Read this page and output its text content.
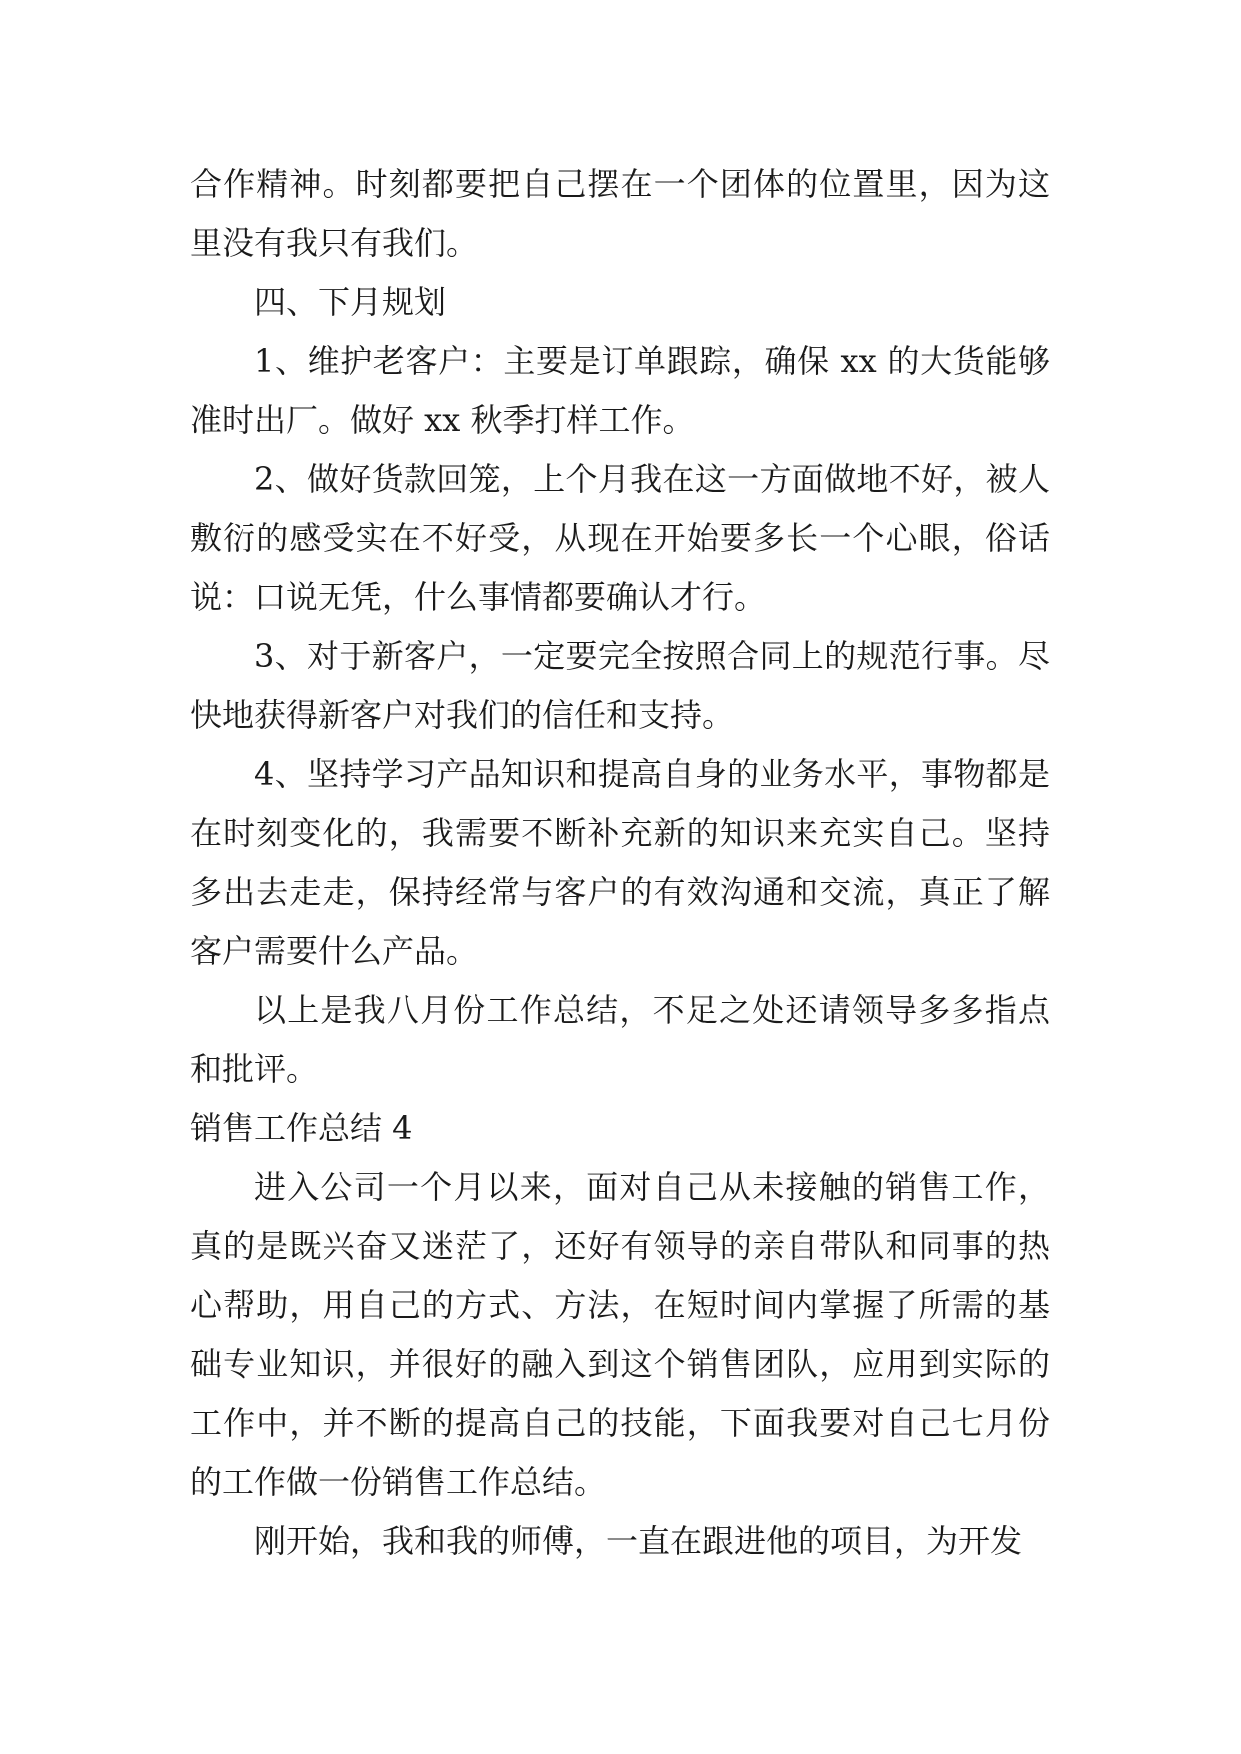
合作精神。时刻都要把自己摆在一个团体的位置里，因为这里没有我只有我们。

四、下月规划

1、维护老客户：主要是订单跟踪，确保 xx 的大货能够准时出厂。做好 xx 秋季打样工作。

2、做好货款回笼，上个月我在这一方面做地不好，被人敷衍的感受实在不好受，从现在开始要多长一个心眼，俗话说：口说无凭，什么事情都要确认才行。

3、对于新客户，一定要完全按照合同上的规范行事。尽快地获得新客户对我们的信任和支持。

4、坚持学习产品知识和提高自身的业务水平，事物都是在时刻变化的，我需要不断补充新的知识来充实自己。坚持多出去走走，保持经常与客户的有效沟通和交流，真正了解客户需要什么产品。

以上是我八月份工作总结，不足之处还请领导多多指点和批评。

销售工作总结 4

进入公司一个月以来，面对自己从未接触的销售工作，真的是既兴奋又迷茫了，还好有领导的亲自带队和同事的热心帮助，用自己的方式、方法，在短时间内掌握了所需的基础专业知识，并很好的融入到这个销售团队，应用到实际的工作中，并不断的提高自己的技能，下面我要对自己七月份的工作做一份销售工作总结。

刚开始，我和我的师傅，一直在跟进他的项目，为开发
